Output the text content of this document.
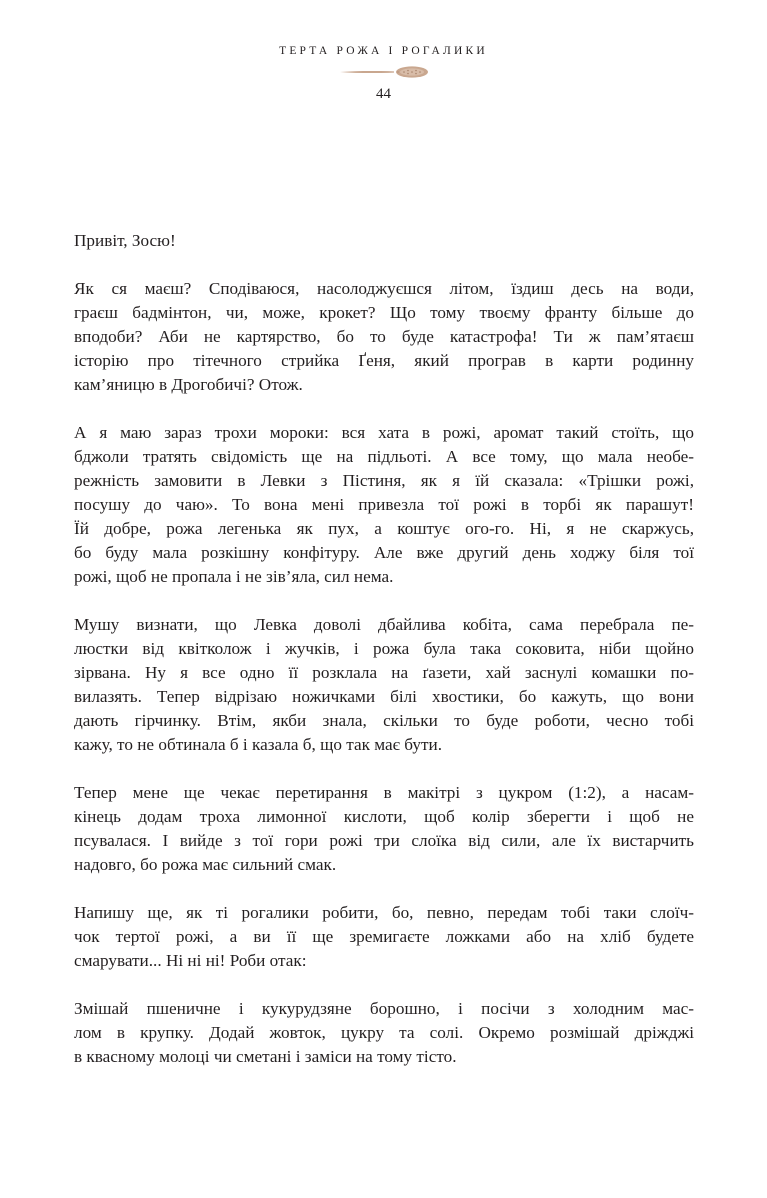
ТЕРТА РОЖА І РОГАЛИКИ
44

Привіт, Зосю!

Як ся маєш? Сподіваюся, насолоджуєшся літом, їздиш десь на води,
граєш бадмінтон, чи, може, крокет? Що тому твоєму франту більше до
вподоби? Аби не картярство, бо то буде катастрофа! Ти ж пам’ятаєш
історію про тітечного стрийка Ґеня, який програв в карти родинну
кам’яницю в Дрогобичі? Отож.

А я маю зараз трохи мороки: вся хата в рожі, аромат такий стоїть, що
бджоли тратять свідомість ще на підльоті. А все тому, що мала необе-
режність замовити в Левки з Пістиня, як я їй сказала: «Трішки рожі,
посушу до чаю». То вона мені привезла тої рожі в торбі як парашут!
Їй добре, рожа легенька як пух, а коштує ого-го. Ні, я не скаржусь,
бо буду мала розкішну конфітуру. Але вже другий день ходжу біля тої
рожі, щоб не пропала і не зів’яла, сил нема.

Мушу визнати, що Левка доволі дбайлива кобіта, сама перебрала пе-
люстки від квітколож і жучків, і рожа була така соковита, ніби щойно
зірвана. Ну я все одно її розклала на ґазети, хай заснулі комашки по-
вилазять. Тепер відрізаю ножичками білі хвостики, бо кажуть, що вони
дають гірчинку. Втім, якби знала, скільки то буде роботи, чесно тобі
кажу, то не обтинала б і казала б, що так має бути.

Тепер мене ще чекає перетирання в макітрі з цукром (1:2), а насам-
кінець додам троха лимонної кислоти, щоб колір зберегти і щоб не
псувалася. І вийде з тої гори рожі три слоїка від сили, але їх вистарчить
надовго, бо рожа має сильний смак.

Напишу ще, як ті рогалики робити, бо, певно, передам тобі таки слоїч-
чок тертої рожі, а ви її ще зремигаєте ложками або на хліб будете
смарувати... Ні ні ні! Роби отак:

Змішай пшеничне і кукурудзяне борошно, і посічи з холодним мас-
лом в крупку. Додай жовток, цукру та солі. Окремо розмішай дріжджі
в квасному молоці чи сметані і заміси на тому тісто.
